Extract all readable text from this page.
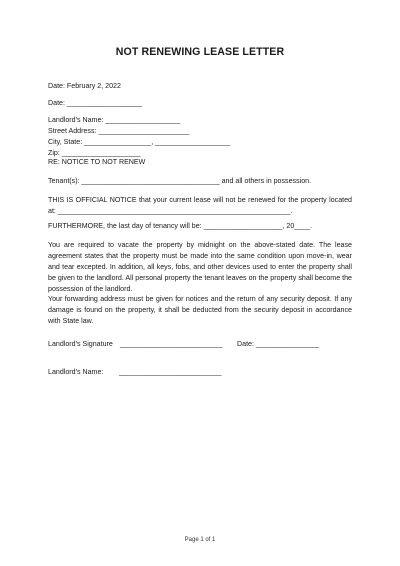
NOT RENEWING LEASE LETTER
Date: February 2, 2022
Date: ___________________
Landlord's Name: ___________________
Street Address: _______________________
City, State: _________________, ___________________
Zip: ____________________
RE: NOTICE TO NOT RENEW
Tenant(s): ___________________________________ and all others in possession.
THIS IS OFFICIAL NOTICE that your current lease will not be renewed for the property located at: ___________________________________________________________.
FURTHERMORE, the last day of tenancy will be: ____________________, 20____.
You are required to vacate the property by midnight on the above-stated date. The lease agreement states that the property must be made into the same condition upon move-in, wear and tear excepted. In addition, all keys, fobs, and other devices used to enter the property shall be given to the landlord. All personal property the tenant leaves on the property shall become the possession of the landlord.
Your forwarding address must be given for notices and the return of any security deposit. If any damage is found on the property, it shall be deducted from the security deposit in accordance with State law.
Landlord's Signature __________________________ Date: ________________
Landlord's Name: __________________________
Page 1 of 1
